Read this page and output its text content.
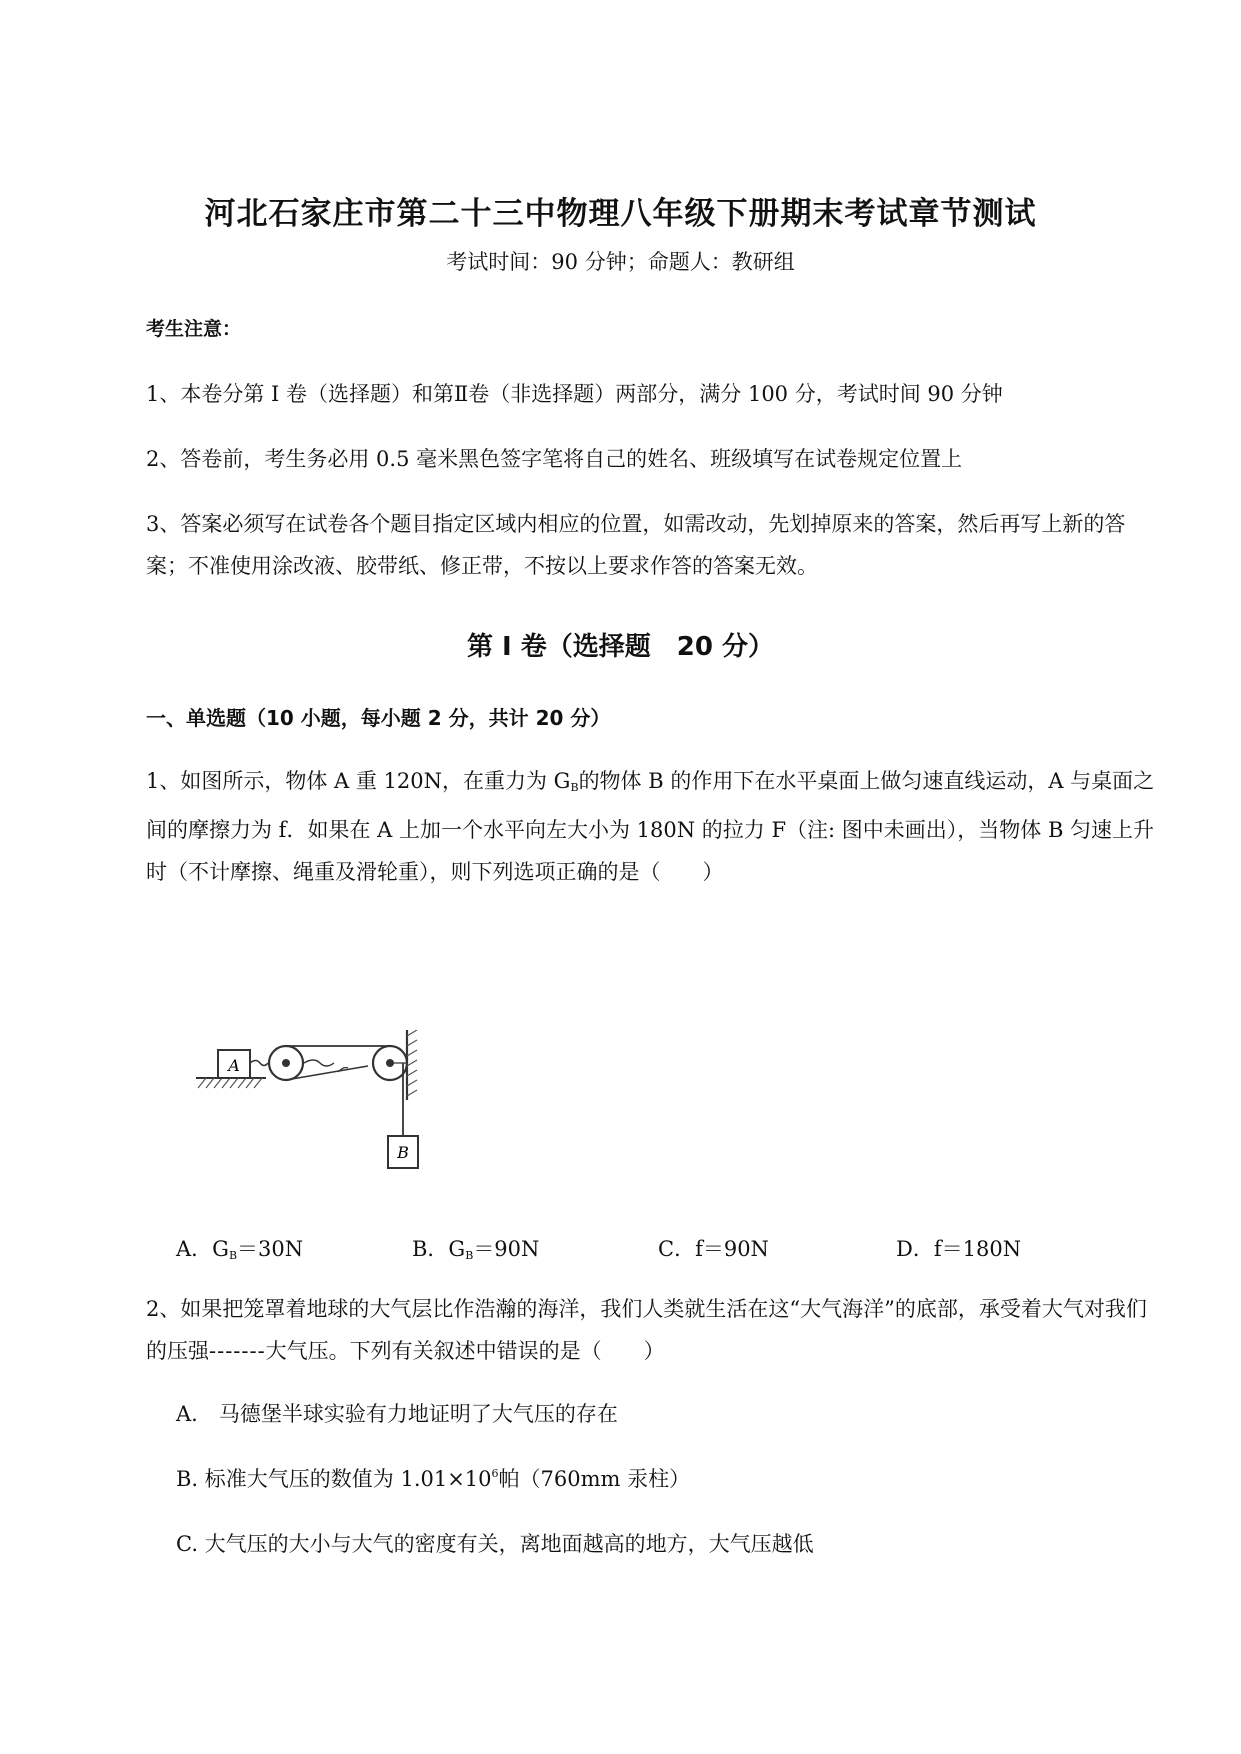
河北石家庄市第二十三中物理八年级下册期末考试章节测试
考试时间：90 分钟；命题人：教研组
考生注意：
1、本卷分第 I 卷（选择题）和第Ⅱ卷（非选择题）两部分，满分 100 分，考试时间 90 分钟
2、答卷前，考生务必用 0.5 毫米黑色签字笔将自己的姓名、班级填写在试卷规定位置上
3、答案必须写在试卷各个题目指定区域内相应的位置，如需改动，先划掉原来的答案，然后再写上新的答案；不准使用涂改液、胶带纸、修正带，不按以上要求作答的答案无效。
第 I 卷（选择题　20 分）
一、单选题（10 小题，每小题 2 分，共计 20 分）
1、如图所示，物体 A 重 120N，在重力为 $G_B$的物体 B 的作用下在水平桌面上做匀速直线运动，A 与桌面之间的摩擦力为 f．如果在 A 上加一个水平向左大小为 180N 的拉力 F（注: 图中未画出），当物体 B 匀速上升时（不计摩擦、绳重及滑轮重），则下列选项正确的是（　　）
A
B
A．$G_B=30N$	B．$G_B=90N$	C．f＝90N	D．f＝180N
2、如果把笼罩着地球的大气层比作浩瀚的海洋，我们人类就生活在这“大气海洋”的底部，承受着大气对我们的压强-------大气压。下列有关叙述中错误的是（　　）
A.　马德堡半球实验有力地证明了大气压的存在
B. 标准大气压的数值为 $1.01\times 10^6$帕（760mm 汞柱）
C. 大气压的大小与大气的密度有关，离地面越高的地方，大气压越低
